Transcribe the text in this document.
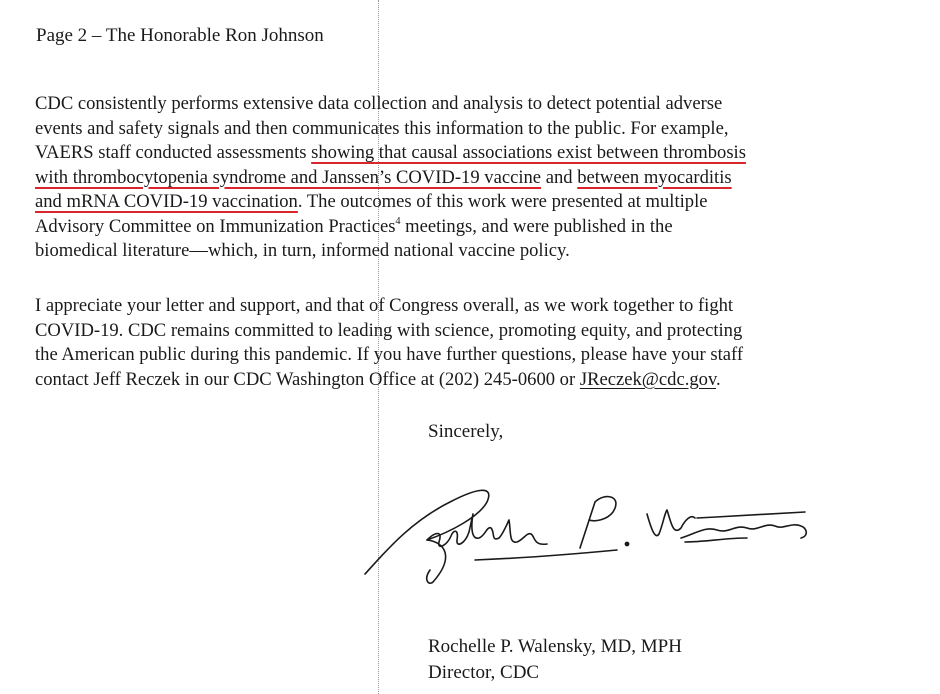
Page 2 – The Honorable Ron Johnson
CDC consistently performs extensive data collection and analysis to detect potential adverse
events and safety signals and then communicates this information to the public. For example,
VAERS staff conducted assessments showing that causal associations exist between thrombosis
with thrombocytopenia syndrome and Janssen’s COVID-19 vaccine and between myocarditis
and mRNA COVID-19 vaccination. The outcomes of this work were presented at multiple
Advisory Committee on Immunization Practices$^4$ meetings, and were published in the
biomedical literature—which, in turn, informed national vaccine policy.
I appreciate your letter and support, and that of Congress overall, as we work together to fight
COVID-19. CDC remains committed to leading with science, promoting equity, and protecting
the American public during this pandemic. If you have further questions, please have your staff
contact Jeff Reczek in our CDC Washington Office at (202) 245-0600 or JReczek@cdc.gov.
Sincerely,
Rochelle P. Walensky, MD, MPH
Director, CDC
